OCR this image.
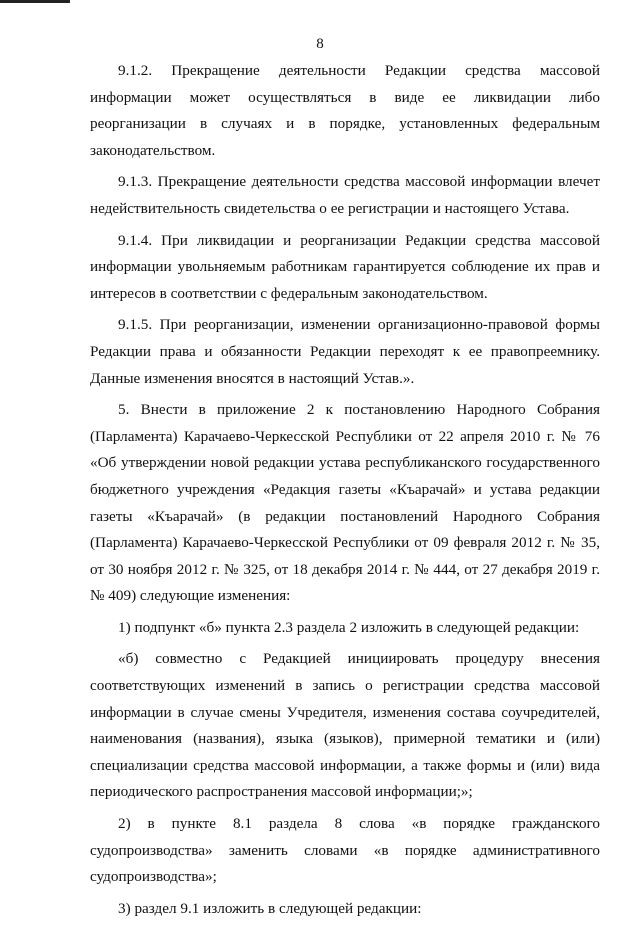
8

9.1.2. Прекращение деятельности Редакции средства массовой информации может осуществляться в виде ее ликвидации либо реорганизации в случаях и в порядке, установленных федеральным законодательством.

9.1.3. Прекращение деятельности средства массовой информации влечет недействительность свидетельства о ее регистрации и настоящего Устава.

9.1.4. При ликвидации и реорганизации Редакции средства массовой информации увольняемым работникам гарантируется соблюдение их прав и интересов в соответствии с федеральным законодательством.

9.1.5. При реорганизации, изменении организационно-правовой формы Редакции права и обязанности Редакции переходят к ее правопреемнику. Данные изменения вносятся в настоящий Устав.».

5. Внести в приложение 2 к постановлению Народного Собрания (Парламента) Карачаево-Черкесской Республики от 22 апреля 2010 г. № 76 «Об утверждении новой редакции устава республиканского государственного бюджетного учреждения «Редакция газеты «Къарачай» и устава редакции газеты «Къарачай» (в редакции постановлений Народного Собрания (Парламента) Карачаево-Черкесской Республики от 09 февраля 2012 г. № 35, от 30 ноября 2012 г. № 325, от 18 декабря 2014 г. № 444, от 27 декабря 2019 г. № 409) следующие изменения:

1) подпункт «б» пункта 2.3 раздела 2 изложить в следующей редакции:

«б) совместно с Редакцией инициировать процедуру внесения соответствующих изменений в запись о регистрации средства массовой информации в случае смены Учредителя, изменения состава соучредителей, наименования (названия), языка (языков), примерной тематики и (или) специализации средства массовой информации, а также формы и (или) вида периодического распространения массовой информации;»;

2) в пункте 8.1 раздела 8 слова «в порядке гражданского судопроизводства» заменить словами «в порядке административного судопроизводства»;

3) раздел 9.1 изложить в следующей редакции:
